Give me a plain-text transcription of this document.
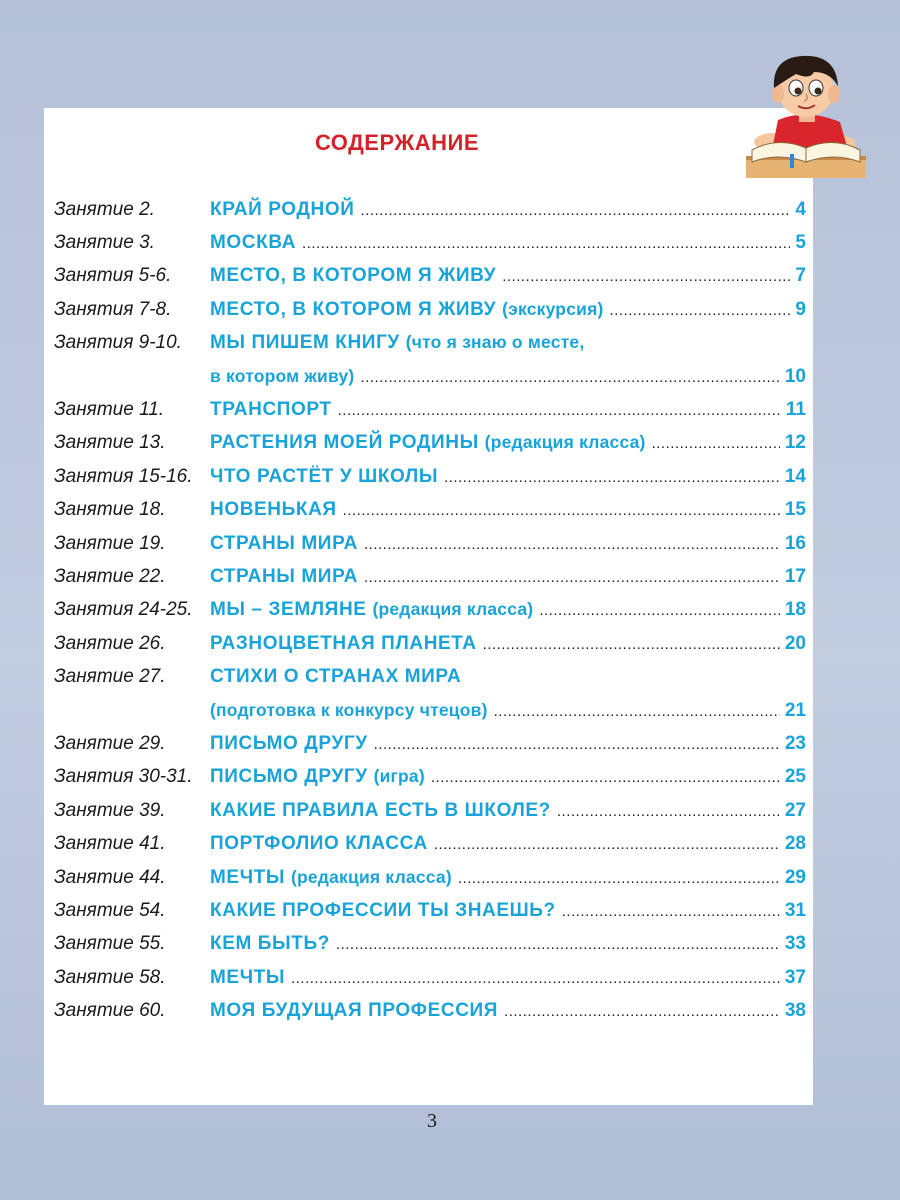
СОДЕРЖАНИЕ
Занятие 2.	КРАЙ РОДНОЙ .....	4
Занятие 3.	МОСКВА .....	5
Занятия 5-6. МЕСТО, В КОТОРОМ Я ЖИВУ .....	7
Занятия 7-8. МЕСТО, В КОТОРОМ Я ЖИВУ (экскурсия) .....	9
Занятия 9-10. МЫ ПИШЕМ КНИГУ (что я знаю о месте,
в котором живу) .....	10
Занятие 11. ТРАНСПОРТ .....	11
Занятие 13. РАСТЕНИЯ МОЕЙ РОДИНЫ (редакция класса) .....	12
Занятия 15-16. ЧТО РАСТЁТ У ШКОЛЫ .....	14
Занятие 18. НОВЕНЬКАЯ .....	15
Занятие 19. СТРАНЫ МИРА .....	16
Занятие 22. СТРАНЫ МИРА .....	17
Занятия 24-25. МЫ – ЗЕМЛЯНЕ (редакция класса) .....	18
Занятие 26. РАЗНОЦВЕТНАЯ ПЛАНЕТА .....	20
Занятие 27. СТИХИ О СТРАНАХ МИРА
(подготовка к конкурсу чтецов) .....	21
Занятие 29. ПИСЬМО ДРУГУ .....	23
Занятия 30-31. ПИСЬМО ДРУГУ (игра) .....	25
Занятие 39. КАКИЕ ПРАВИЛА ЕСТЬ В ШКОЛЕ? .....	27
Занятие 41. ПОРТФОЛИО КЛАССА .....	28
Занятие 44. МЕЧТЫ (редакция класса) .....	29
Занятие 54. КАКИЕ ПРОФЕССИИ ТЫ ЗНАЕШЬ? .....	31
Занятие 55. КЕМ БЫТЬ? .....	33
Занятие 58. МЕЧТЫ .....	37
Занятие 60. МОЯ БУДУЩАЯ ПРОФЕССИЯ .....	38
3
